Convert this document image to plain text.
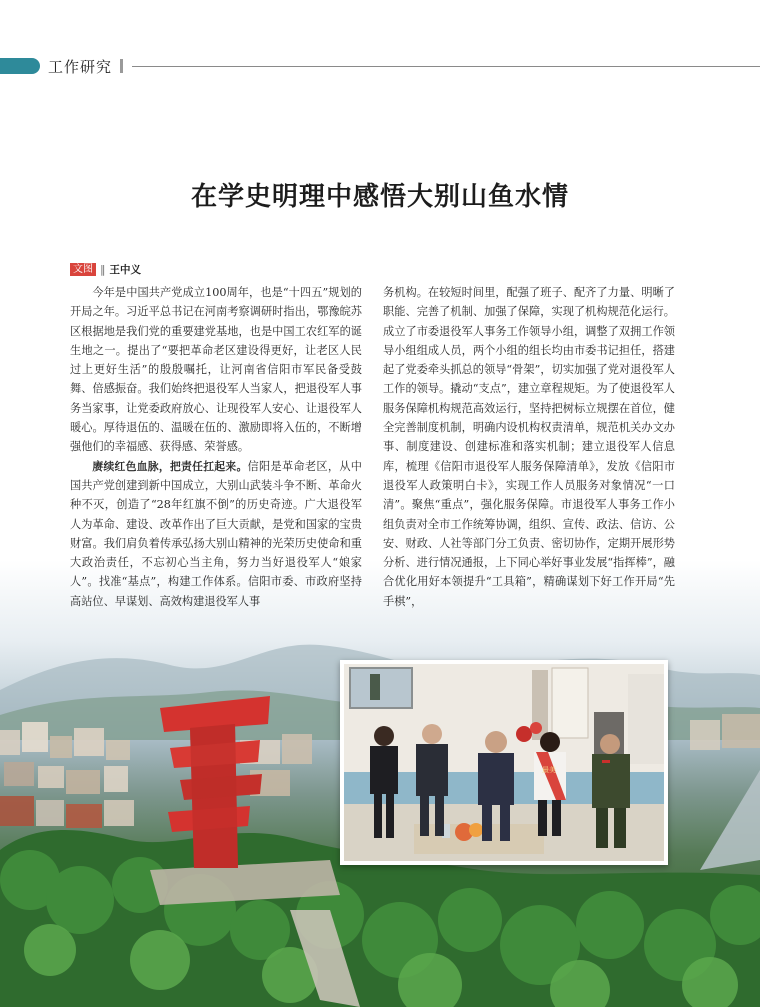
工作研究
在学史明理中感悟大别山鱼水情
文图 ‖ 王中义

今年是中国共产党成立100周年，也是“十四五”规划的开局之年。习近平总书记在河南考察调研时指出，鄂豫皖苏区根据地是我们党的重要建党基地，也是中国工农红军的诞生地之一。提出了“要把革命老区建设得更好，让老区人民过上更好生活”的殷殷嘱托，让河南省信阳市军民备受鼓舞、倍感振奋。我们始终把退役军人当家人，把退役军人事务当家事，让党委政府放心、让现役军人安心、让退役军人暖心。厚待退伍的、温暖在伍的、激励即将入伍的，不断增强他们的幸福感、获得感、荣誉感。

赓续红色血脉，把责任扛起来。信阳是革命老区，从中国共产党创建到新中国成立，大别山武装斗争不断、革命火种不灭，创造了“28年红旗不倒”的历史奇迹。广大退役军人为革命、建设、改革作出了巨大贡献，是党和国家的宝贵财富。我们肩负着传承弘扬大别山精神的光荣历史使命和重大政治责任，不忘初心当主角，努力当好退役军人“娘家人”。找准“基点”，构建工作体系。信阳市委、市政府坚持高站位、早谋划、高效构建退役军人事

务机构。在较短时间里，配强了班子、配齐了力量、明晰了职能、完善了机制、加强了保障，实现了机构规范化运行。成立了市委退役军人事务工作领导小组，调整了双拥工作领导小组组成人员，两个小组的组长均由市委书记担任，搭建起了党委牵头抓总的领导“骨架”，切实加强了党对退役军人工作的领导。撬动“支点”，建立章程规矩。为了使退役军人服务保障机构规范高效运行，坚持把树标立规摆在首位，健全完善制度机制，明确内设机构权责清单，规范机关办文办事、制度建设、创建标准和落实机制；建立退役军人信息库，梳理《信阳市退役军人服务保障清单》，发放《信阳市退役军人政策明白卡》，实现工作人员服务对象情况“一口清”。聚焦“重点”，强化服务保障。市退役军人事务工作小组负责对全市工作统筹协调，组织、宣传、政法、信访、公安、财政、人社等部门分工负责、密切协作，定期开展形势分析、进行情况通报，上下同心举好事业发展“指挥棒”，融合优化用好本领提升“工具箱”，精确谋划下好工作开局“先手棋”，

最美
